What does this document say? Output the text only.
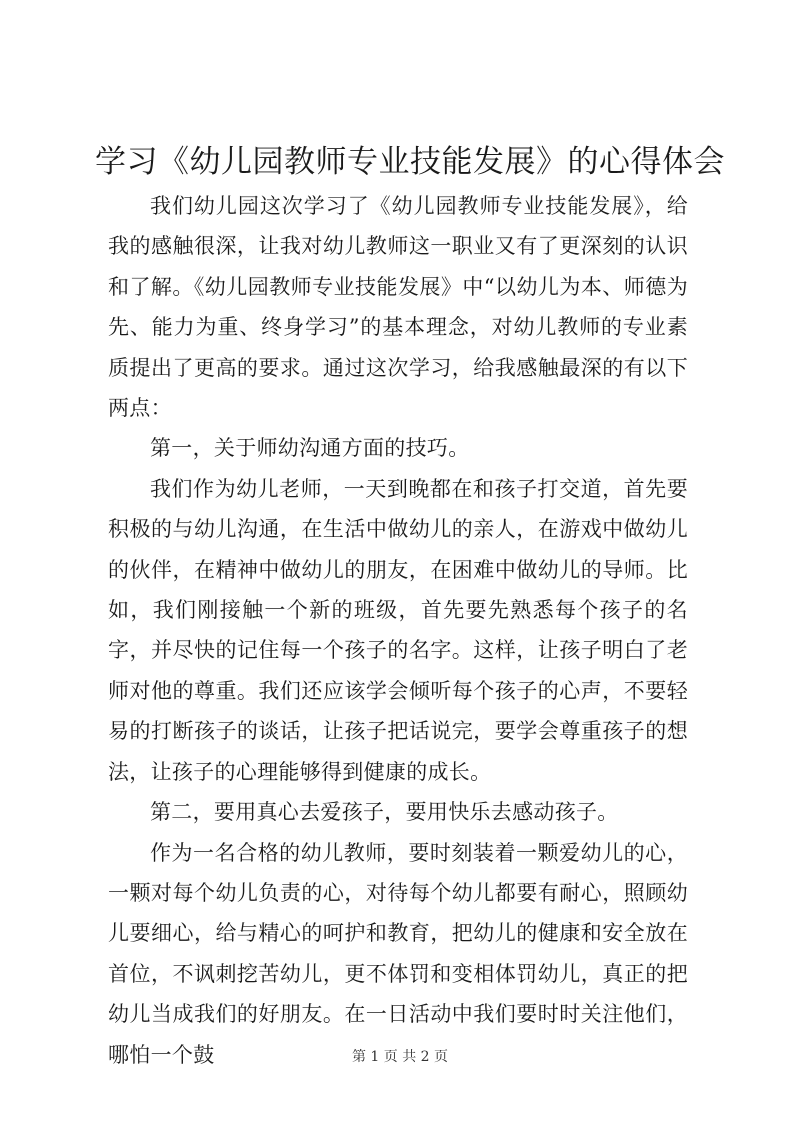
学习《幼儿园教师专业技能发展》的心得体会

我们幼儿园这次学习了《幼儿园教师专业技能发展》，给我的感触很深，让我对幼儿教师这一职业又有了更深刻的认识和了解。《幼儿园教师专业技能发展》中“以幼儿为本、师德为先、能力为重、终身学习”的基本理念，对幼儿教师的专业素质提出了更高的要求。通过这次学习，给我感触最深的有以下两点：

第一，关于师幼沟通方面的技巧。

我们作为幼儿老师，一天到晚都在和孩子打交道，首先要积极的与幼儿沟通，在生活中做幼儿的亲人，在游戏中做幼儿的伙伴，在精神中做幼儿的朋友，在困难中做幼儿的导师。比如，我们刚接触一个新的班级，首先要先熟悉每个孩子的名字，并尽快的记住每一个孩子的名字。这样，让孩子明白了老师对他的尊重。我们还应该学会倾听每个孩子的心声，不要轻易的打断孩子的谈话，让孩子把话说完，要学会尊重孩子的想法，让孩子的心理能够得到健康的成长。

第二，要用真心去爱孩子，要用快乐去感动孩子。

作为一名合格的幼儿教师，要时刻装着一颗爱幼儿的心，一颗对每个幼儿负责的心，对待每个幼儿都要有耐心，照顾幼儿要细心，给与精心的呵护和教育，把幼儿的健康和安全放在首位，不讽刺挖苦幼儿，更不体罚和变相体罚幼儿，真正的把幼儿当成我们的好朋友。在一日活动中我们要时时关注他们，哪怕一个鼓	第 1 页 共 2 页
